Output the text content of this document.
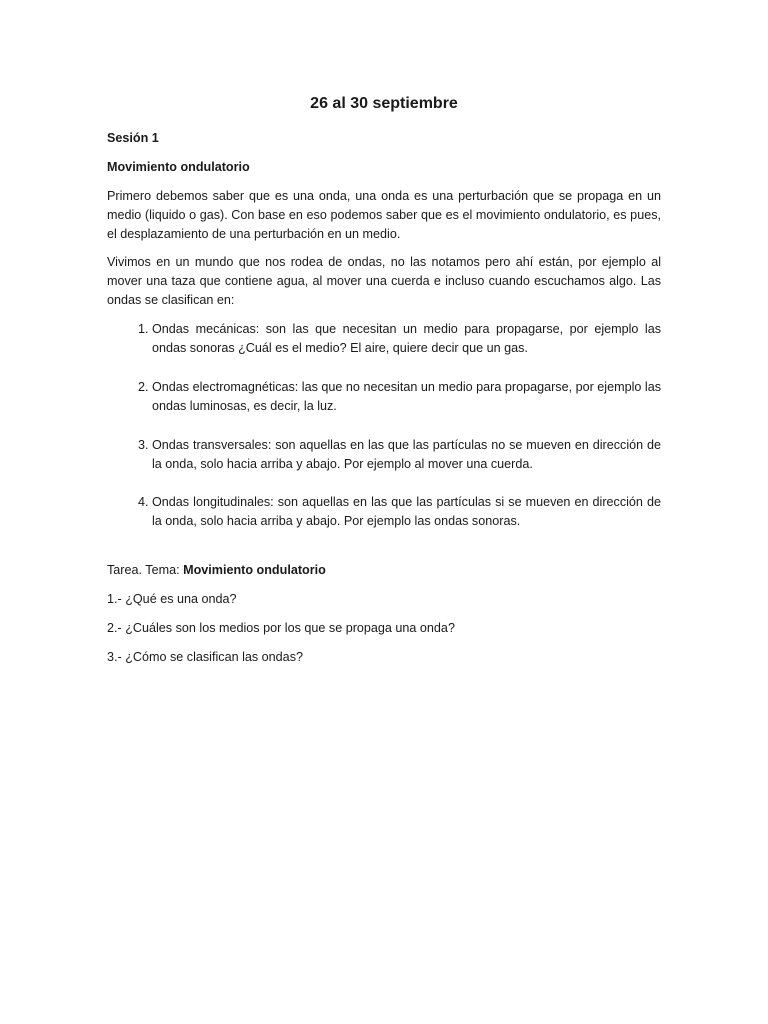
26 al 30 septiembre
Sesión 1
Movimiento ondulatorio

Primero debemos saber que es una onda, una onda es una perturbación que se propaga en un medio (liquido o gas). Con base en eso podemos saber que es el movimiento ondulatorio, es pues, el desplazamiento de una perturbación en un medio.

Vivimos en un mundo que nos rodea de ondas, no las notamos pero ahí están, por ejemplo al mover una taza que contiene agua, al mover una cuerda e incluso cuando escuchamos algo. Las ondas se clasifican en:

1. Ondas mecánicas: son las que necesitan un medio para propagarse, por ejemplo las ondas sonoras ¿Cuál es el medio? El aire, quiere decir que un gas.
2. Ondas electromagnéticas: las que no necesitan un medio para propagarse, por ejemplo las ondas luminosas, es decir, la luz.
3. Ondas transversales: son aquellas en las que las partículas no se mueven en dirección de la onda, solo hacia arriba y abajo. Por ejemplo al mover una cuerda.
4. Ondas longitudinales: son aquellas en las que las partículas si se mueven en dirección de la onda, solo hacia arriba y abajo. Por ejemplo las ondas sonoras.
Tarea. Tema: Movimiento ondulatorio
1.- ¿Qué es una onda?
2.- ¿Cuáles son los medios por los que se propaga una onda?
3.- ¿Cómo se clasifican las ondas?
